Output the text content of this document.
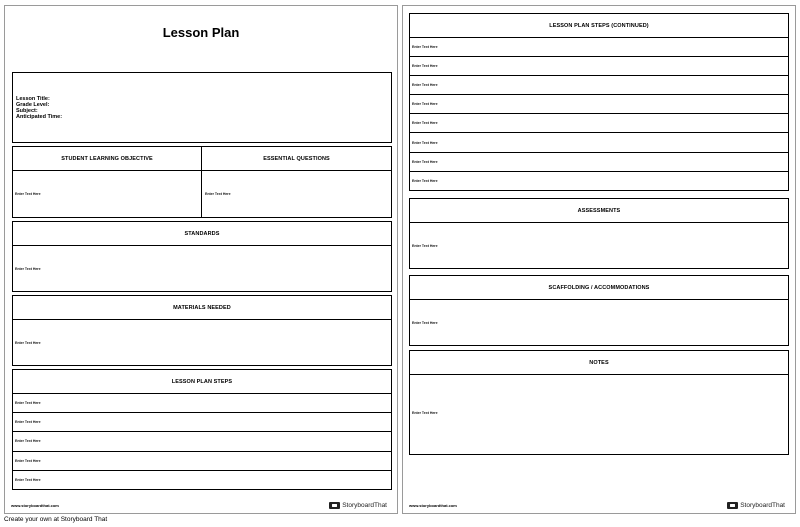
Lesson Plan
Lesson Title:
Grade Level:
Subject:
Anticipated Time:
STUDENT LEARNING OBJECTIVE	ESSENTIAL QUESTIONS
Enter Text Here	Enter Text Here
STANDARDS
Enter Text Here
MATERIALS NEEDED
Enter Text Here
LESSON PLAN STEPS
Enter Text Here
Enter Text Here
Enter Text Here
Enter Text Here
Enter Text Here
www.storyboardthat.com	StoryboardThat
LESSON PLAN STEPS (CONTINUED)
Enter Text Here
Enter Text Here
Enter Text Here
Enter Text Here
Enter Text Here
Enter Text Here
Enter Text Here
Enter Text Here
ASSESSMENTS
Enter Text Here
SCAFFOLDING / ACCOMMODATIONS
Enter Text Here
NOTES
Enter Text Here
www.storyboardthat.com	StoryboardThat
Create your own at Storyboard That
